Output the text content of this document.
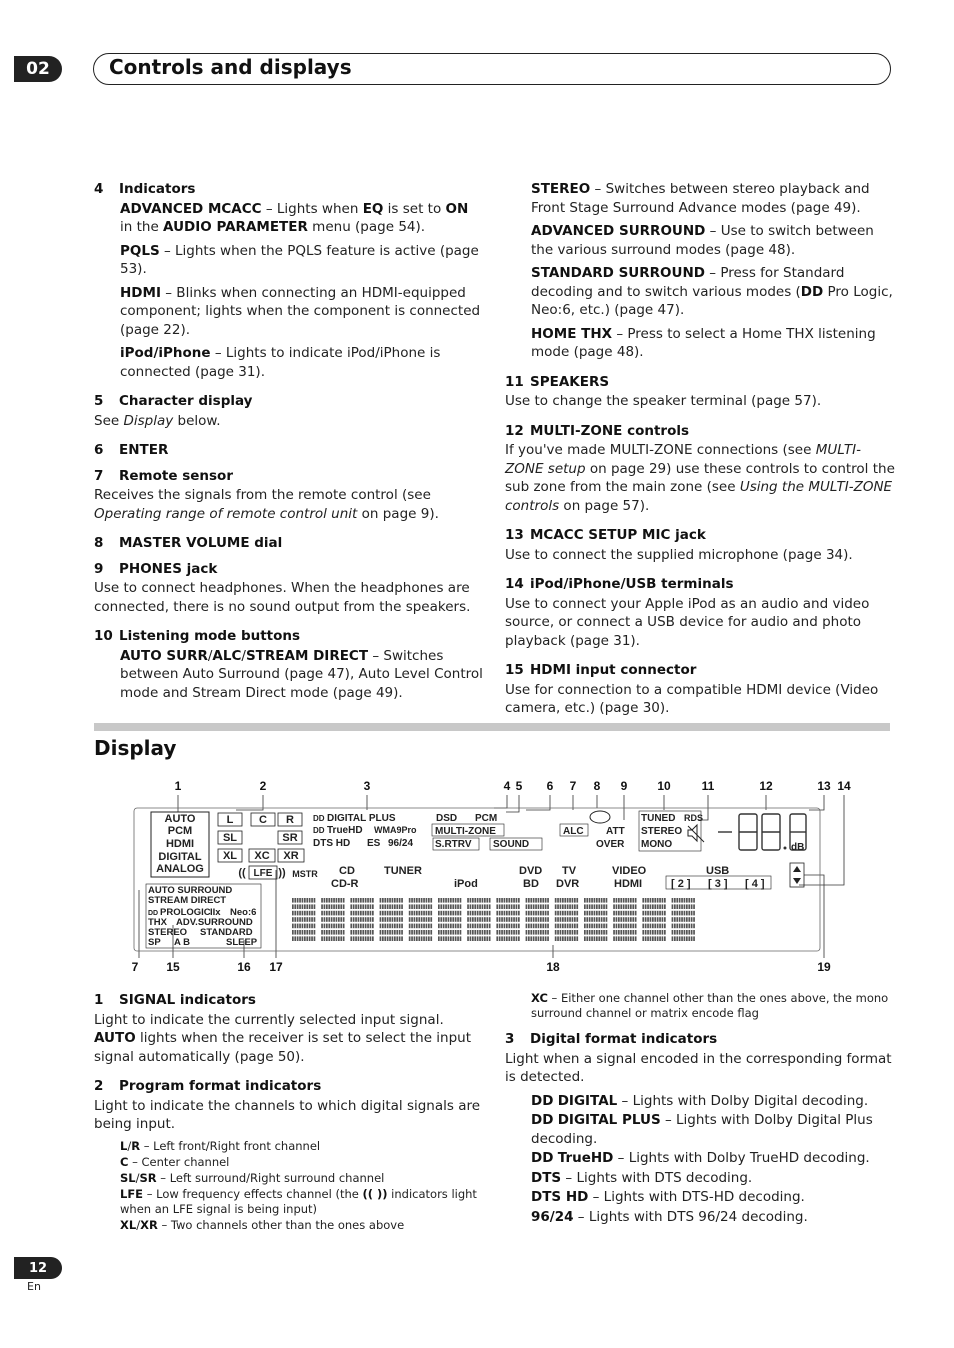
02	Controls and displays

4 Indicators

ADVANCED MCACC – Lights when EQ is set to ON in the AUDIO PARAMETER menu (page 54).

PQLS – Lights when the PQLS feature is active (page 53).

HDMI – Blinks when connecting an HDMI-equipped component; lights when the component is connected (page 22).

iPod/iPhone – Lights to indicate iPod/iPhone is connected (page 31).

5 Character display

See Display below.

6 ENTER

7 Remote sensor

Receives the signals from the remote control (see Operating range of remote control unit on page 9).

8 MASTER VOLUME dial

9 PHONES jack

Use to connect headphones. When the headphones are connected, there is no sound output from the speakers.

10 Listening mode buttons

AUTO SURR/ALC/STREAM DIRECT – Switches between Auto Surround (page 47), Auto Level Control mode and Stream Direct mode (page 49).

STEREO – Switches between stereo playback and Front Stage Surround Advance modes (page 49).

ADVANCED SURROUND – Use to switch between the various surround modes (page 48).

STANDARD SURROUND – Press for Standard decoding and to switch various modes (DD Pro Logic, Neo:6, etc.) (page 47).

HOME THX – Press to select a Home THX listening mode (page 48).

11 SPEAKERS

Use to change the speaker terminal (page 57).

12 MULTI-ZONE controls

If you've made MULTI-ZONE connections (see MULTI-ZONE setup on page 29) use these controls to control the sub zone from the main zone (see Using the MULTI-ZONE controls on page 57).

13 MCACC SETUP MIC jack

Use to connect the supplied microphone (page 34).

14 iPod/iPhone/USB terminals

Use to connect your Apple iPod as an audio and video source, or connect a USB device for audio and photo playback (page 31).

15 HDMI input connector

Use for connection to a compatible HDMI device (Video camera, etc.) (page 30).

Display
1	2	3	4 5 6 7 8 9 10	11	12	13 14
7 15	16 17	18	19
AUTO
PCM
HDMI
DIGITAL
ANALOG
L C R
SL	SR
XL XC XR
LFE
((	)) MSTR
DD DIGITAL PLUS
DD TrueHD WMA9Pro
DTS HD ES 96/24
DSD PCM
MULTI-ZONE
S.RTRV SOUND
ALC ATT
OVER
TUNED RDS
STEREO
MONO	dB
CD	TUNER	DVD TV	VIDEO	USB
CD-R	iPod	BD DVR	HDMI	[ 2 ] [ 3 ] [ 4 ]
AUTO SURROUND
STREAM DIRECT
DD PROLOGIC IIx Neo:6
THX ADV.SURROUND
STEREO STANDARD
SP A B	SLEEP

1 SIGNAL indicators

Light to indicate the currently selected input signal.

AUTO lights when the receiver is set to select the input signal automatically (page 50).

2 Program format indicators

Light to indicate the channels to which digital signals are being input.

L/R – Left front/Right front channel

C – Center channel

SL/SR – Left surround/Right surround channel

LFE – Low frequency effects channel (the (( )) indicators light when an LFE signal is being input)

XL/XR – Two channels other than the ones above

XC – Either one channel other than the ones above, the mono surround channel or matrix encode flag

3 Digital format indicators

Light when a signal encoded in the corresponding format is detected.

DD DIGITAL – Lights with Dolby Digital decoding.

DD DIGITAL PLUS – Lights with Dolby Digital Plus decoding.

DD TrueHD – Lights with Dolby TrueHD decoding.

DTS – Lights with DTS decoding.

DTS HD – Lights with DTS-HD decoding.

96/24 – Lights with DTS 96/24 decoding.

12
En
